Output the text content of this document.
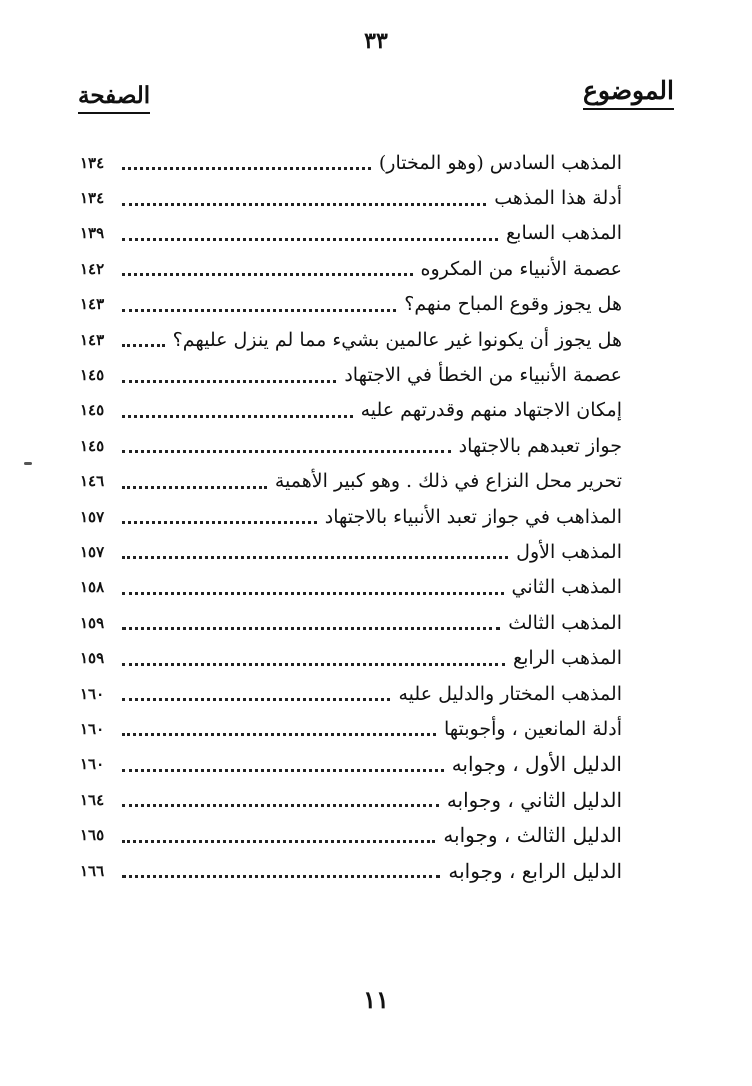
٣٣
الموضوع
الصفحة
المذهب السادس (وهو المختار)
١٣٤
أدلة هذا المذهب
١٣٤
المذهب السابع
١٣٩
عصمة الأنبياء من المكروه
١٤٢
هل يجوز وقوع المباح منهم؟
١٤٣
هل يجوز أن يكونوا غير عالمين بشيء مما لم ينزل عليهم؟
١٤٣
عصمة الأنبياء من الخطأ في الاجتهاد
١٤٥
إمكان الاجتهاد منهم وقدرتهم عليه
١٤٥
جواز تعبدهم بالاجتهاد
١٤٥
تحرير محل النزاع في ذلك . وهو كبير الأهمية
١٤٦
المذاهب في جواز تعبد الأنبياء بالاجتهاد
١٥٧
المذهب الأول
١٥٧
المذهب الثاني
١٥٨
المذهب الثالث
١٥٩
المذهب الرابع
١٥٩
المذهب المختار والدليل عليه
١٦٠
أدلة المانعين ، وأجوبتها
١٦٠
الدليل الأول ، وجوابه
١٦٠
الدليل الثاني ، وجوابه
١٦٤
الدليل الثالث ، وجوابه
١٦٥
الدليل الرابع ، وجوابه
١٦٦
١١
